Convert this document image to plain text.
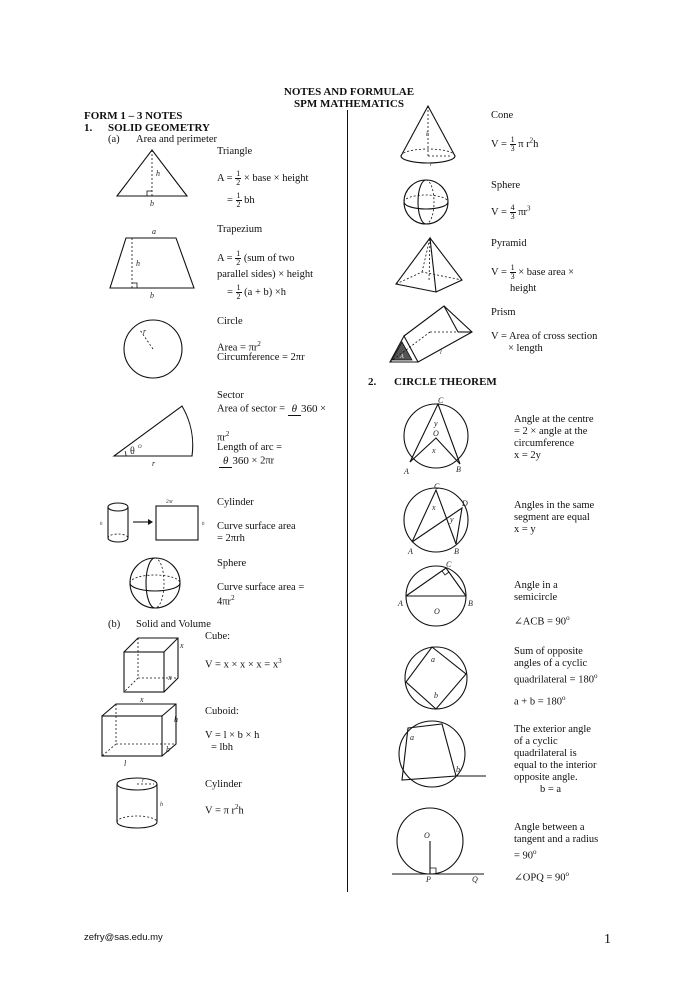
NOTES AND FORMULAE
SPM MATHEMATICS
FORM 1 – 3 NOTES
1. SOLID GEOMETRY
(a) Area and perimeter
h
b
Triangle
$A = \frac{1}{2}$ × base × height
= $\frac{1}{2}$ bh
a
h
b
Trapezium
$A = \frac{1}{2} (sum$ of two
parallel sides) × height
= $\frac{1}{2} (a + b) \times h$
r
Circle
Area = $\pi r^2$
Circumference = 2πr
θ O
r
Sector
Area of sector = θ 360 ×
$\pi r^2$
Length of arc =
θ 360 × 2πr
h
2πr
h
Cylinder
Curve surface area
= 2πrh
Sphere
Curve surface area =
$4\pi r^2$
(b) Solid and Volume
x
x
x
Cube:
$V = x \times x \times x = x^3$
h
b
l
Cuboid:
V = l × b × h
= lbh
r
h
Cylinder
V = π $r^2h$
h
r
Cone
$V = \frac{1}{3}$ π $r^2h$
Sphere
$V = \frac{4}{3} \pi r^3$
Pyramid
$V = \frac{1}{3}$ × base area ×
height
A
l
Prism
V = Area of cross section
× length
2. CIRCLE THEOREM
C
y
O
x
A	B
Angle at the centre
= 2 × angle at the
circumference
x = 2y
C
D
x
y
A	B
Angles in the same
segment are equal
x = y
C
A	B
O
Angle in a
semicircle
∠ACB = $90^o$
a
b
Sum of opposite
angles of a cyclic
quadrilateral = $180^o$
$a + b = 180^o$
a
b
The exterior angle
of a cyclic
quadrilateral is
equal to the interior
opposite angle.
b = a
O
P	Q
Angle between a
tangent and a radius
= $90^o$
∠OPQ = $90^o$
zefry@sas.edu.my	1
